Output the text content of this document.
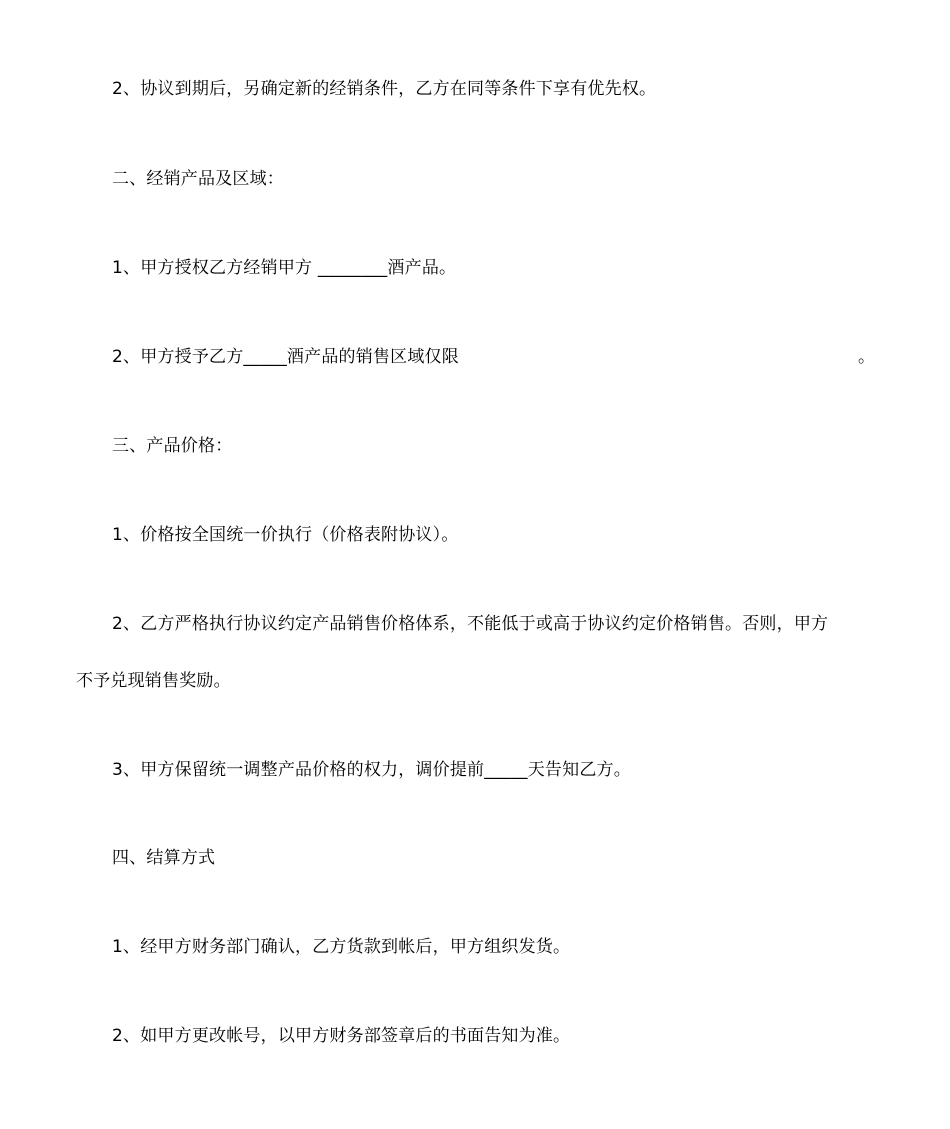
2、协议到期后，另确定新的经销条件，乙方在同等条件下享有优先权。
二、经销产品及区域：
1、甲方授权乙方经销甲方 ________酒产品。
2、甲方授予乙方_____酒产品的销售区域仅限	。
三、产品价格：
1、价格按全国统一价执行（价格表附协议）。
2、乙方严格执行协议约定产品销售价格体系，不能低于或高于协议约定价格销售。否则，甲方
不予兑现销售奖励。
3、甲方保留统一调整产品价格的权力，调价提前_____天告知乙方。
四、结算方式
1、经甲方财务部门确认，乙方货款到帐后，甲方组织发货。
2、如甲方更改帐号，以甲方财务部签章后的书面告知为准。
